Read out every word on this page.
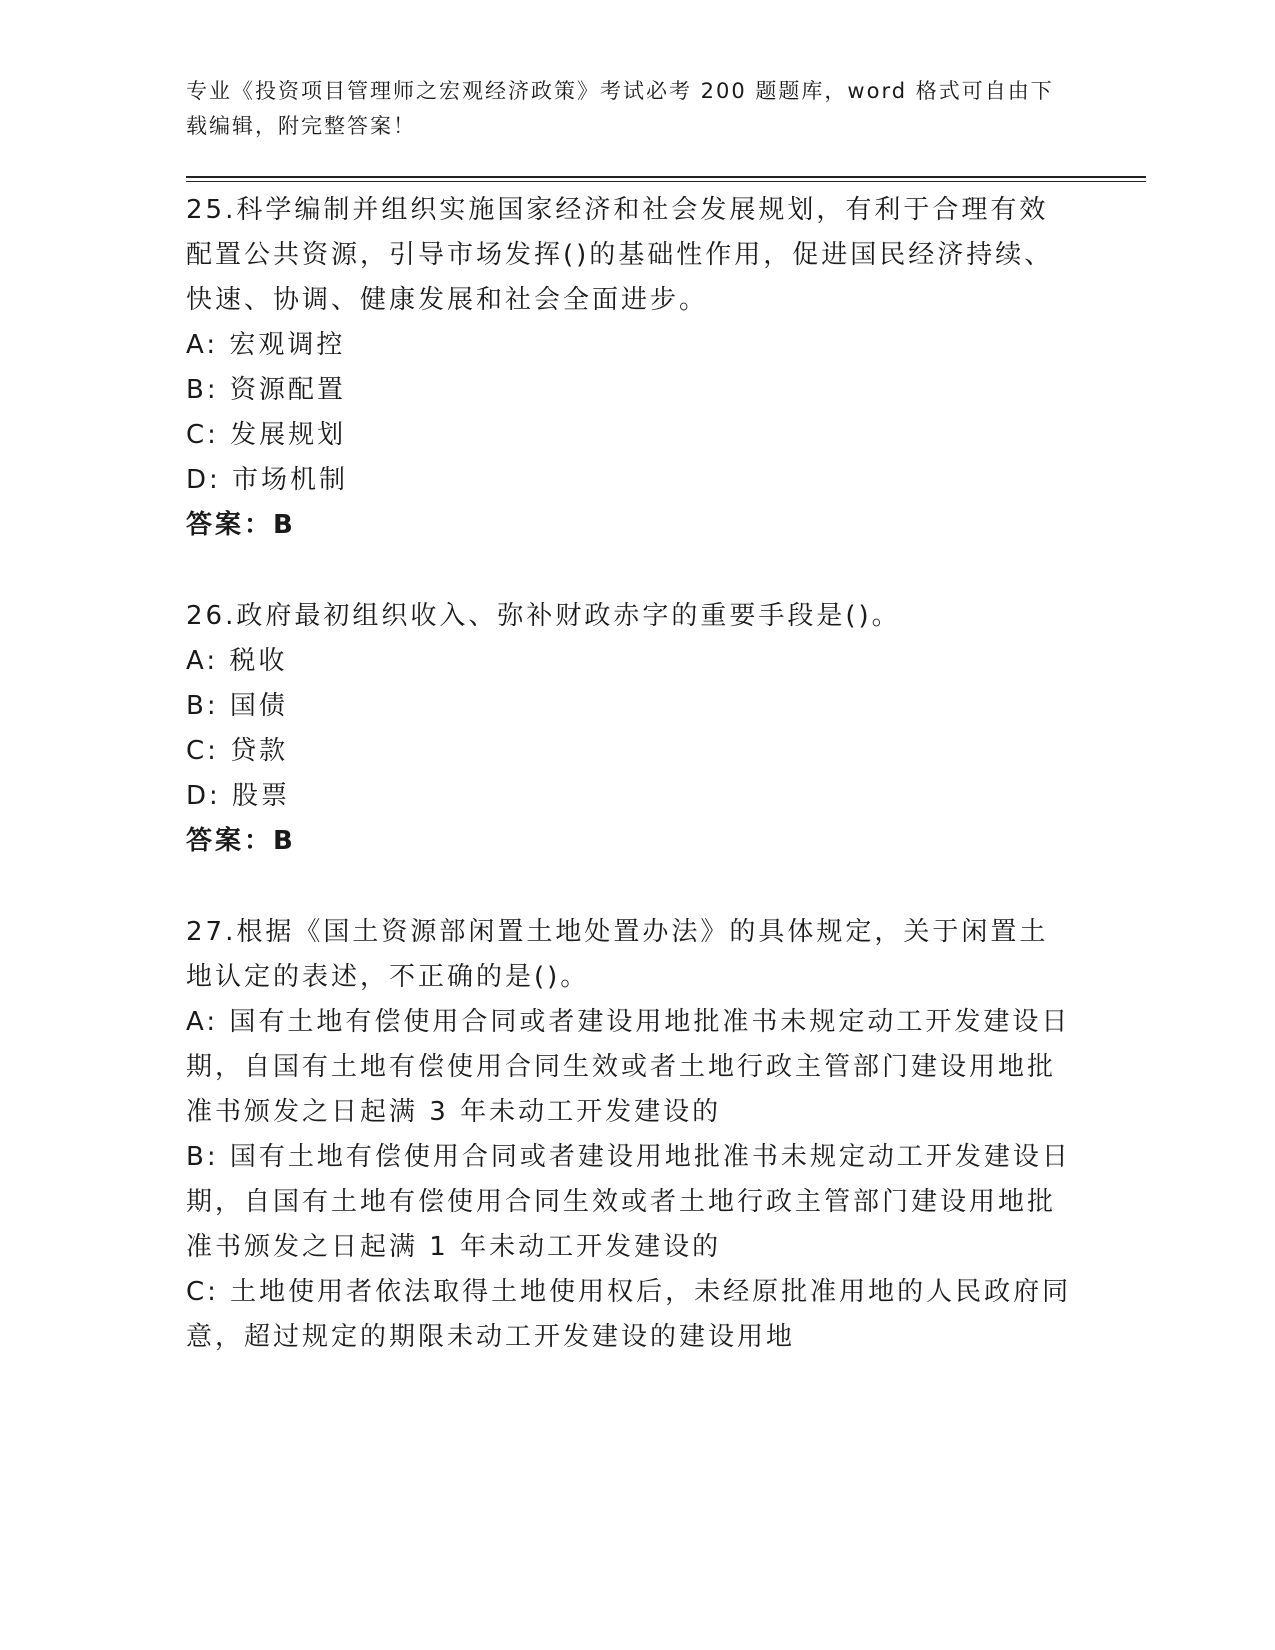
专业《投资项目管理师之宏观经济政策》考试必考 200 题题库，word 格式可自由下载编辑，附完整答案！

25.科学编制并组织实施国家经济和社会发展规划，有利于合理有效配置公共资源，引导市场发挥()的基础性作用，促进国民经济持续、快速、协调、健康发展和社会全面进步。

A: 宏观调控

B: 资源配置

C: 发展规划

D: 市场机制

答案：B

26.政府最初组织收入、弥补财政赤字的重要手段是()。

A: 税收

B: 国债

C: 贷款

D: 股票

答案：B

27.根据《国土资源部闲置土地处置办法》的具体规定，关于闲置土地认定的表述，不正确的是()。

A: 国有土地有偿使用合同或者建设用地批准书未规定动工开发建设日期，自国有土地有偿使用合同生效或者土地行政主管部门建设用地批准书颁发之日起满 3 年未动工开发建设的

B: 国有土地有偿使用合同或者建设用地批准书未规定动工开发建设日期，自国有土地有偿使用合同生效或者土地行政主管部门建设用地批准书颁发之日起满 1 年未动工开发建设的

C: 土地使用者依法取得土地使用权后，未经原批准用地的人民政府同意，超过规定的期限未动工开发建设的建设用地
